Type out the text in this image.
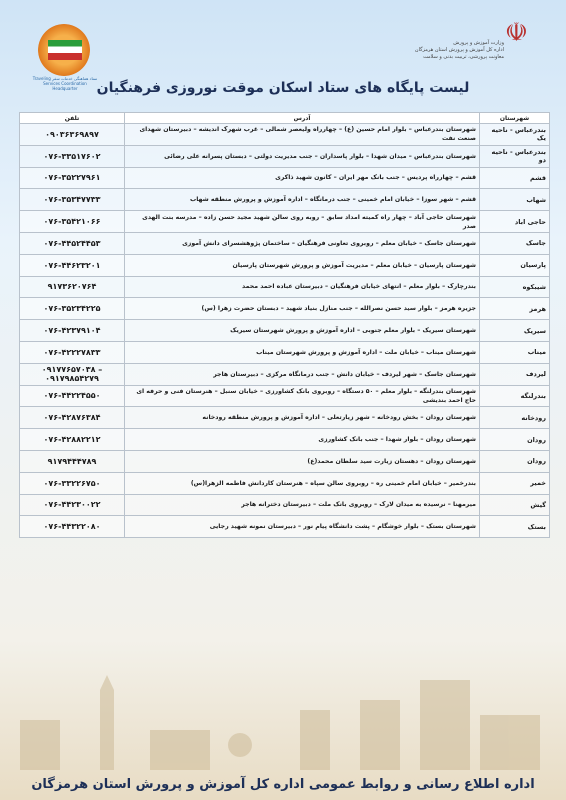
ستاد هماهنگی خدمات سفر Traveling Services Coordination Headquarter
☫
وزارت آموزش و پرورش
اداره کل آموزش و پرورش استان هرمزگان
معاونت پرورشی، تربیت بدنی و سلامت
لیست پایگاه های ستاد اسکان موقت نوروزی فرهنگیان
شهرستان	آدرس	تلفن
بندرعباس - ناحیه یک	شهرستان بندرعباس – بلوار امام حسین (ع) – چهارراه ولیعصر شمالی – غرب شهرک اندیشه – دبیرستان شهدای صنعت نفت	۰۹۰۳۶۳۶۹۸۹۷
بندرعباس - ناحیه دو	شهرستان بندرعباس – میدان شهدا – بلوار پاسداران – جنب مدیریت دولتی – دبستان پسرانه علی رضائی	۰۷۶-۳۳۵۱۷۶۰۲
قشم	قشم – چهارراه پردیس – جنب بانک مهر ایران – کانون شهید ذاکری	۰۷۶-۳۵۲۲۷۹۶۱
شهاب	قشم – شهر سوزا – خیابان امام خمینی – جنب درمانگاه – اداره آموزش و پرورش منطقه شهاب	۰۷۶-۳۵۳۴۷۷۳۳
حاجی اباد	شهرستان حاجی آباد – چهار راه کمیته امداد سابق – روبه روی سالن شهید مجید حسن زاده – مدرسه بنت الهدی صدر	۰۷۶-۳۵۴۲۱۰۶۶
جاسک	شهرستان جاسک – خیابان معلم – روبروی تعاونی فرهنگیان – ساختمان پژوهشسرای دانش آموزی	۰۷۶-۴۴۵۲۴۴۵۳
پارسیان	شهرستان پارسیان – خیابان معلم – مدیریت آموزش و پرورش شهرستان پارسیان	۰۷۶-۴۴۶۲۳۲۰۱
شیبکوه	بندرچارک – بلوار معلم – انتهای خیابان فرهنگیان – دبیرستان عباده احمد محمد	۹۱۷۳۶۲۰۷۶۴
هرمز	جزیره هرمز – بلوار سید حسن نصرالله – جنب منازل بنیاد شهید – دبستان حضرت زهرا (س)	۰۷۶-۳۵۲۳۴۲۲۵
سیریک	شهرستان سیریک – بلوار معلم جنوبی – اداره آموزش و پرورش شهرستان سیریک	۰۷۶-۴۲۳۷۹۱۰۴
میناب	شهرستان میناب – خیابان ملت – اداره آموزش و پرورش شهرستان میناب	۰۷۶-۴۲۲۲۷۸۳۳
لیردف	شهرستان جاسک – شهر لیردف – خیابان دانش – جنب درمانگاه مرکزی – دبیرستان هاجر	۰۹۱۷۷۶۵۷۰۳۸ – ۰۹۱۷۹۸۵۴۲۷۹
بندرلنگه	شهرستان بندرلنگه – بلوار معلم – ۵۰ دستگاه – روبروی بانک کشاورزی – خیابان سنبل – هنرستان فنی و حرفه ای حاج احمد بندیشی	۰۷۶-۴۴۲۲۴۵۵۰
رودخانه	شهرستان رودان – بخش رودخانه – شهر زیارتعلی – اداره آموزش و پرورش منطقه رودخانه	۰۷۶-۴۲۸۷۶۳۸۴
رودان	شهرستان رودان – بلوار شهدا – جنب بانک کشاورزی	۰۷۶-۴۲۸۸۲۲۱۲
رودان	شهرستان رودان – دهستان زیارت سید سلطان محمد(ع)	۹۱۷۹۴۴۴۷۸۹
خمیر	بندرخمیر – خیابان امام خمینی ره – روبروی سالن سپاه – هنرستان کاردانش فاطمه الزهرا(س)	۰۷۶-۳۳۲۲۶۷۵۰
گیش	میرمهنا – نرسیده به میدان لارک – روبروی بانک ملت – دبیرستان دخترانه هاجر	۰۷۶-۴۴۲۳۰۰۲۲
بستک	شهرستان بستک – بلوار خوشگام – پشت دانشگاه پیام نور – دبیرستان نمونه شهید رجایی	۰۷۶-۴۴۳۲۲۰۸۰
اداره اطلاع رسانی و روابط عمومی اداره کل آموزش و پرورش استان هرمزگان
